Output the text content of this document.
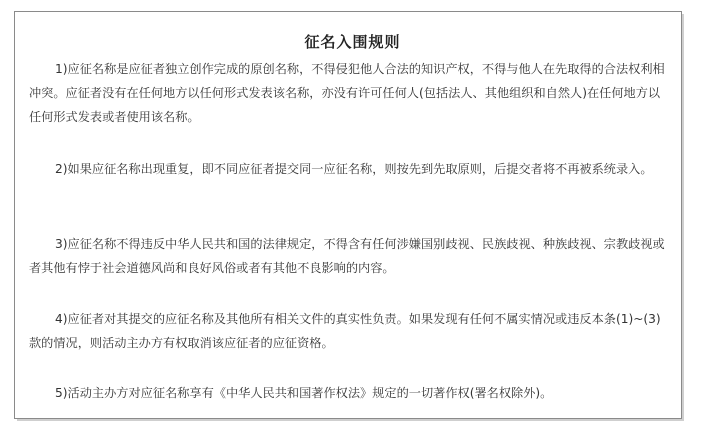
征名入围规则

1)应征名称是应征者独立创作完成的原创名称，不得侵犯他人合法的知识产权，不得与他人在先取得的合法权利相冲突。应征者没有在任何地方以任何形式发表该名称，亦没有许可任何人(包括法人、其他组织和自然人)在任何地方以任何形式发表或者使用该名称。

2)如果应征名称出现重复，即不同应征者提交同一应征名称，则按先到先取原则，后提交者将不再被系统录入。

3)应征名称不得违反中华人民共和国的法律规定，不得含有任何涉嫌国别歧视、民族歧视、种族歧视、宗教歧视或者其他有悖于社会道德风尚和良好风俗或者有其他不良影响的内容。

4)应征者对其提交的应征名称及其他所有相关文件的真实性负责。如果发现有任何不属实情况或违反本条(1)~(3)款的情况，则活动主办方有权取消该应征者的应征资格。

5)活动主办方对应征名称享有《中华人民共和国著作权法》规定的一切著作权(署名权除外)。
